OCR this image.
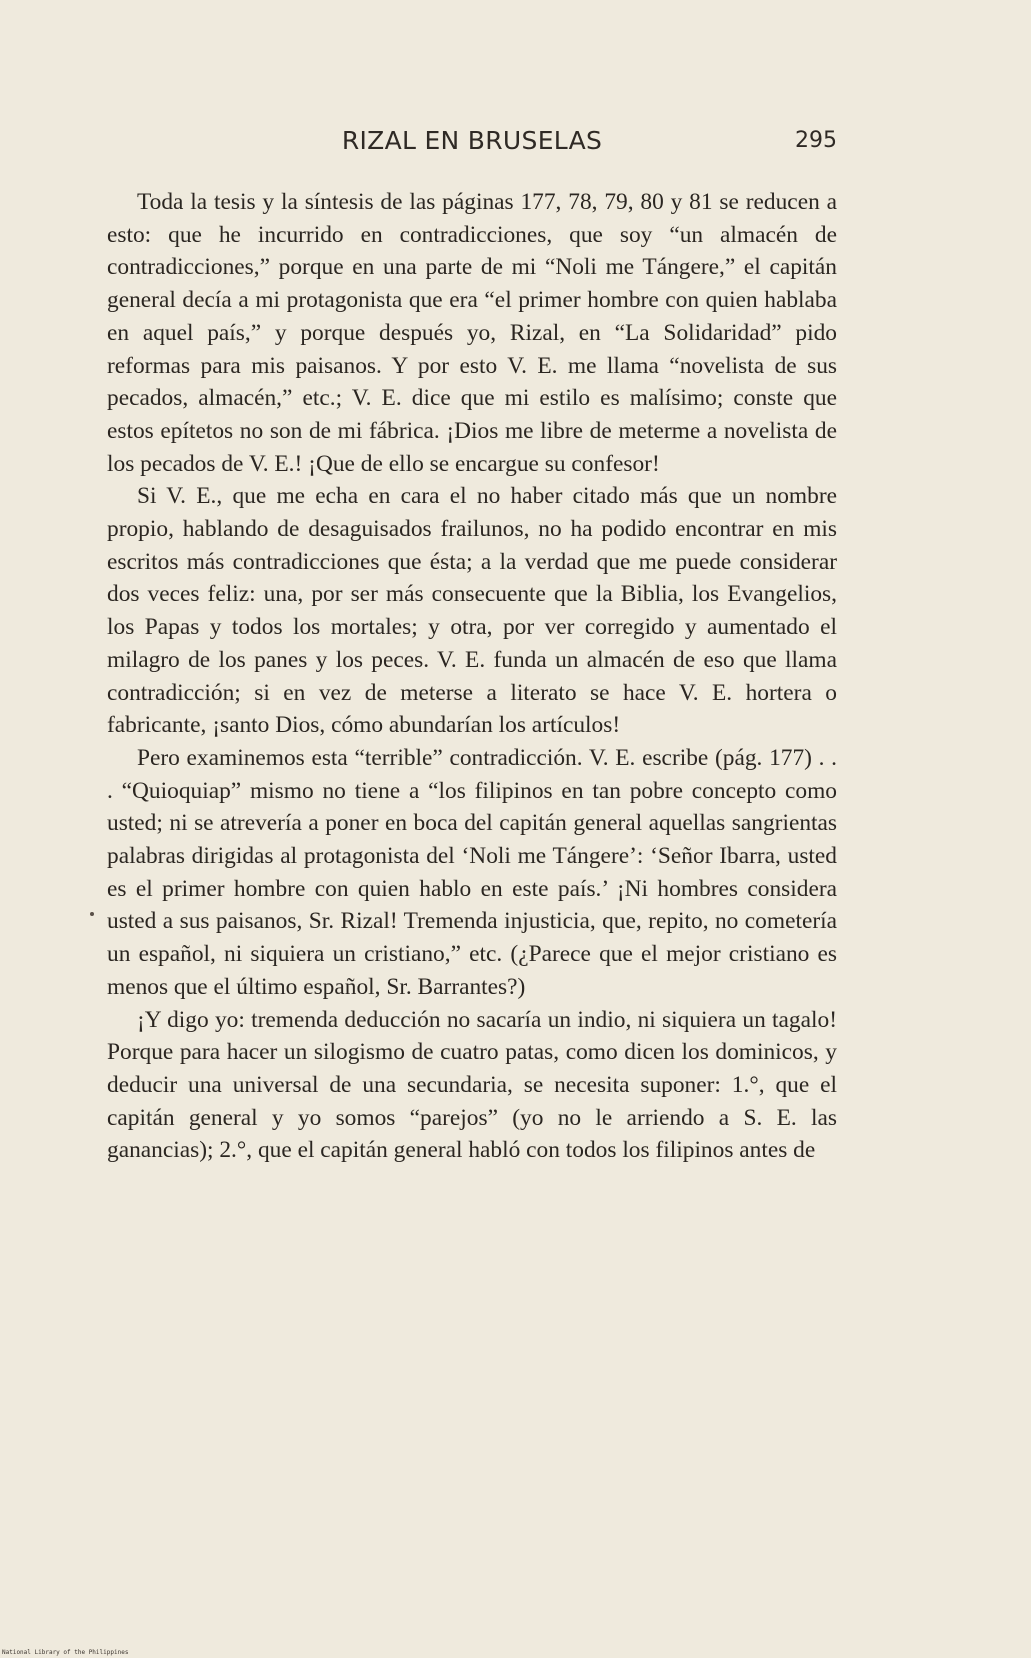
RIZAL EN BRUSELAS	295

Toda la tesis y la síntesis de las páginas 177, 78, 79, 80 y 81 se reducen a esto: que he incurrido en contradicciones, que soy “un almacén de contradicciones,” porque en una parte de mi “Noli me Tángere,” el capitán general decía a mi protagonista que era “el primer hombre con quien hablaba en aquel país,” y porque después yo, Rizal, en “La Solidaridad” pido reformas para mis paisanos. Y por esto V. E. me llama “novelista de sus pecados, almacén,” etc.; V. E. dice que mi estilo es malísimo; conste que estos epítetos no son de mi fábrica. ¡Dios me libre de meterme a novelista de los pecados de V. E.! ¡Que de ello se encargue su confesor!

Si V. E., que me echa en cara el no haber citado más que un nombre propio, hablando de desaguisados frailunos, no ha podido encontrar en mis escritos más contradicciones que ésta; a la verdad que me puede considerar dos veces feliz: una, por ser más consecuente que la Biblia, los Evangelios, los Papas y todos los mortales; y otra, por ver corregido y aumentado el milagro de los panes y los peces. V. E. funda un almacén de eso que llama contradicción; si en vez de meterse a literato se hace V. E. hortera o fabricante, ¡santo Dios, cómo abundarían los artículos!

Pero examinemos esta “terrible” contradicción. V. E. escribe (pág. 177) . . . “Quioquiap” mismo no tiene a “los filipinos en tan pobre concepto como usted; ni se atrevería a poner en boca del capitán general aquellas sangrientas palabras dirigidas al protagonista del ‘Noli me Tángere’: ‘Señor Ibarra, usted es el primer hombre con quien hablo en este país.’ ¡Ni hombres considera usted a sus paisanos, Sr. Rizal! Tremenda injusticia, que, repito, no cometería un español, ni siquiera un cristiano,” etc. (¿Parece que el mejor cristiano es menos que el último español, Sr. Barrantes?)

¡Y digo yo: tremenda deducción no sacaría un indio, ni siquiera un tagalo! Porque para hacer un silogismo de cuatro patas, como dicen los dominicos, y deducir una universal de una secundaria, se necesita suponer: 1.°, que el capitán general y yo somos “parejos” (yo no le arriendo a S. E. las ganancias); 2.°, que el capitán general habló con todos los filipinos antes de

National Library of the Philippines
